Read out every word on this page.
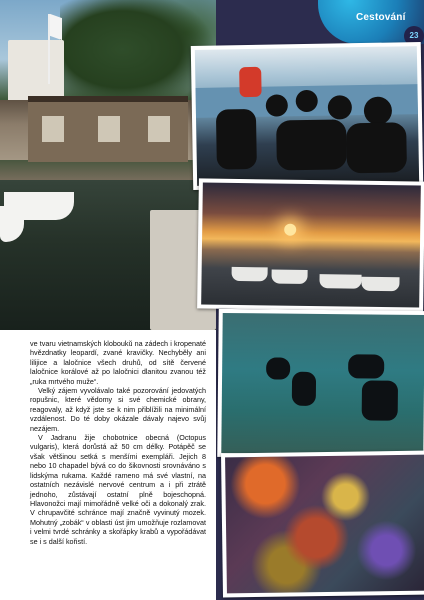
Cestování
23

ve tvaru vietnamských kloboukŭ na zádech i kropenaté hvězdnatky leopardí, zvané kravičky. Nechyběly ani lilijice a laločnice všech druhů, od sítě červené laločnice korálové až po laločnici dlanitou zvanou též „ruka mrtvého muže“.

Velký zájem vyvolávalo také pozorování jedovatých ropušnic, které vědomy si své chemické obrany, reagovaly, až když jste se k nim přiblížili na minimální vzdálenost. Do té doby okázale dávaly najevo svůj nezájem.

V Jadranu žije chobotnice obecná (Octopus vulgaris), která dorůstá až 50 cm délky. Potápěč se však většinou setká s menšími exempláři. Jejich 8 nebo 10 chapadel bývá co do šikovnosti srovnáváno s lidskýma rukama. Každé rameno má své vlastní, na ostatních nezávislé nervové centrum a i při ztrátě jednoho, zůstávají ostatní plně bojeschopná. Hlavonožci mají mimořádně velké oči a dokonalý zrak. V chrupavčité schránce mají značně vyvinutý mozek. Mohutný „zobák“ v oblasti úst jim umožňuje rozlamovat i velmi tvrdé schránky a skořápky krabů a vypořádávat se i s další kořistí.
